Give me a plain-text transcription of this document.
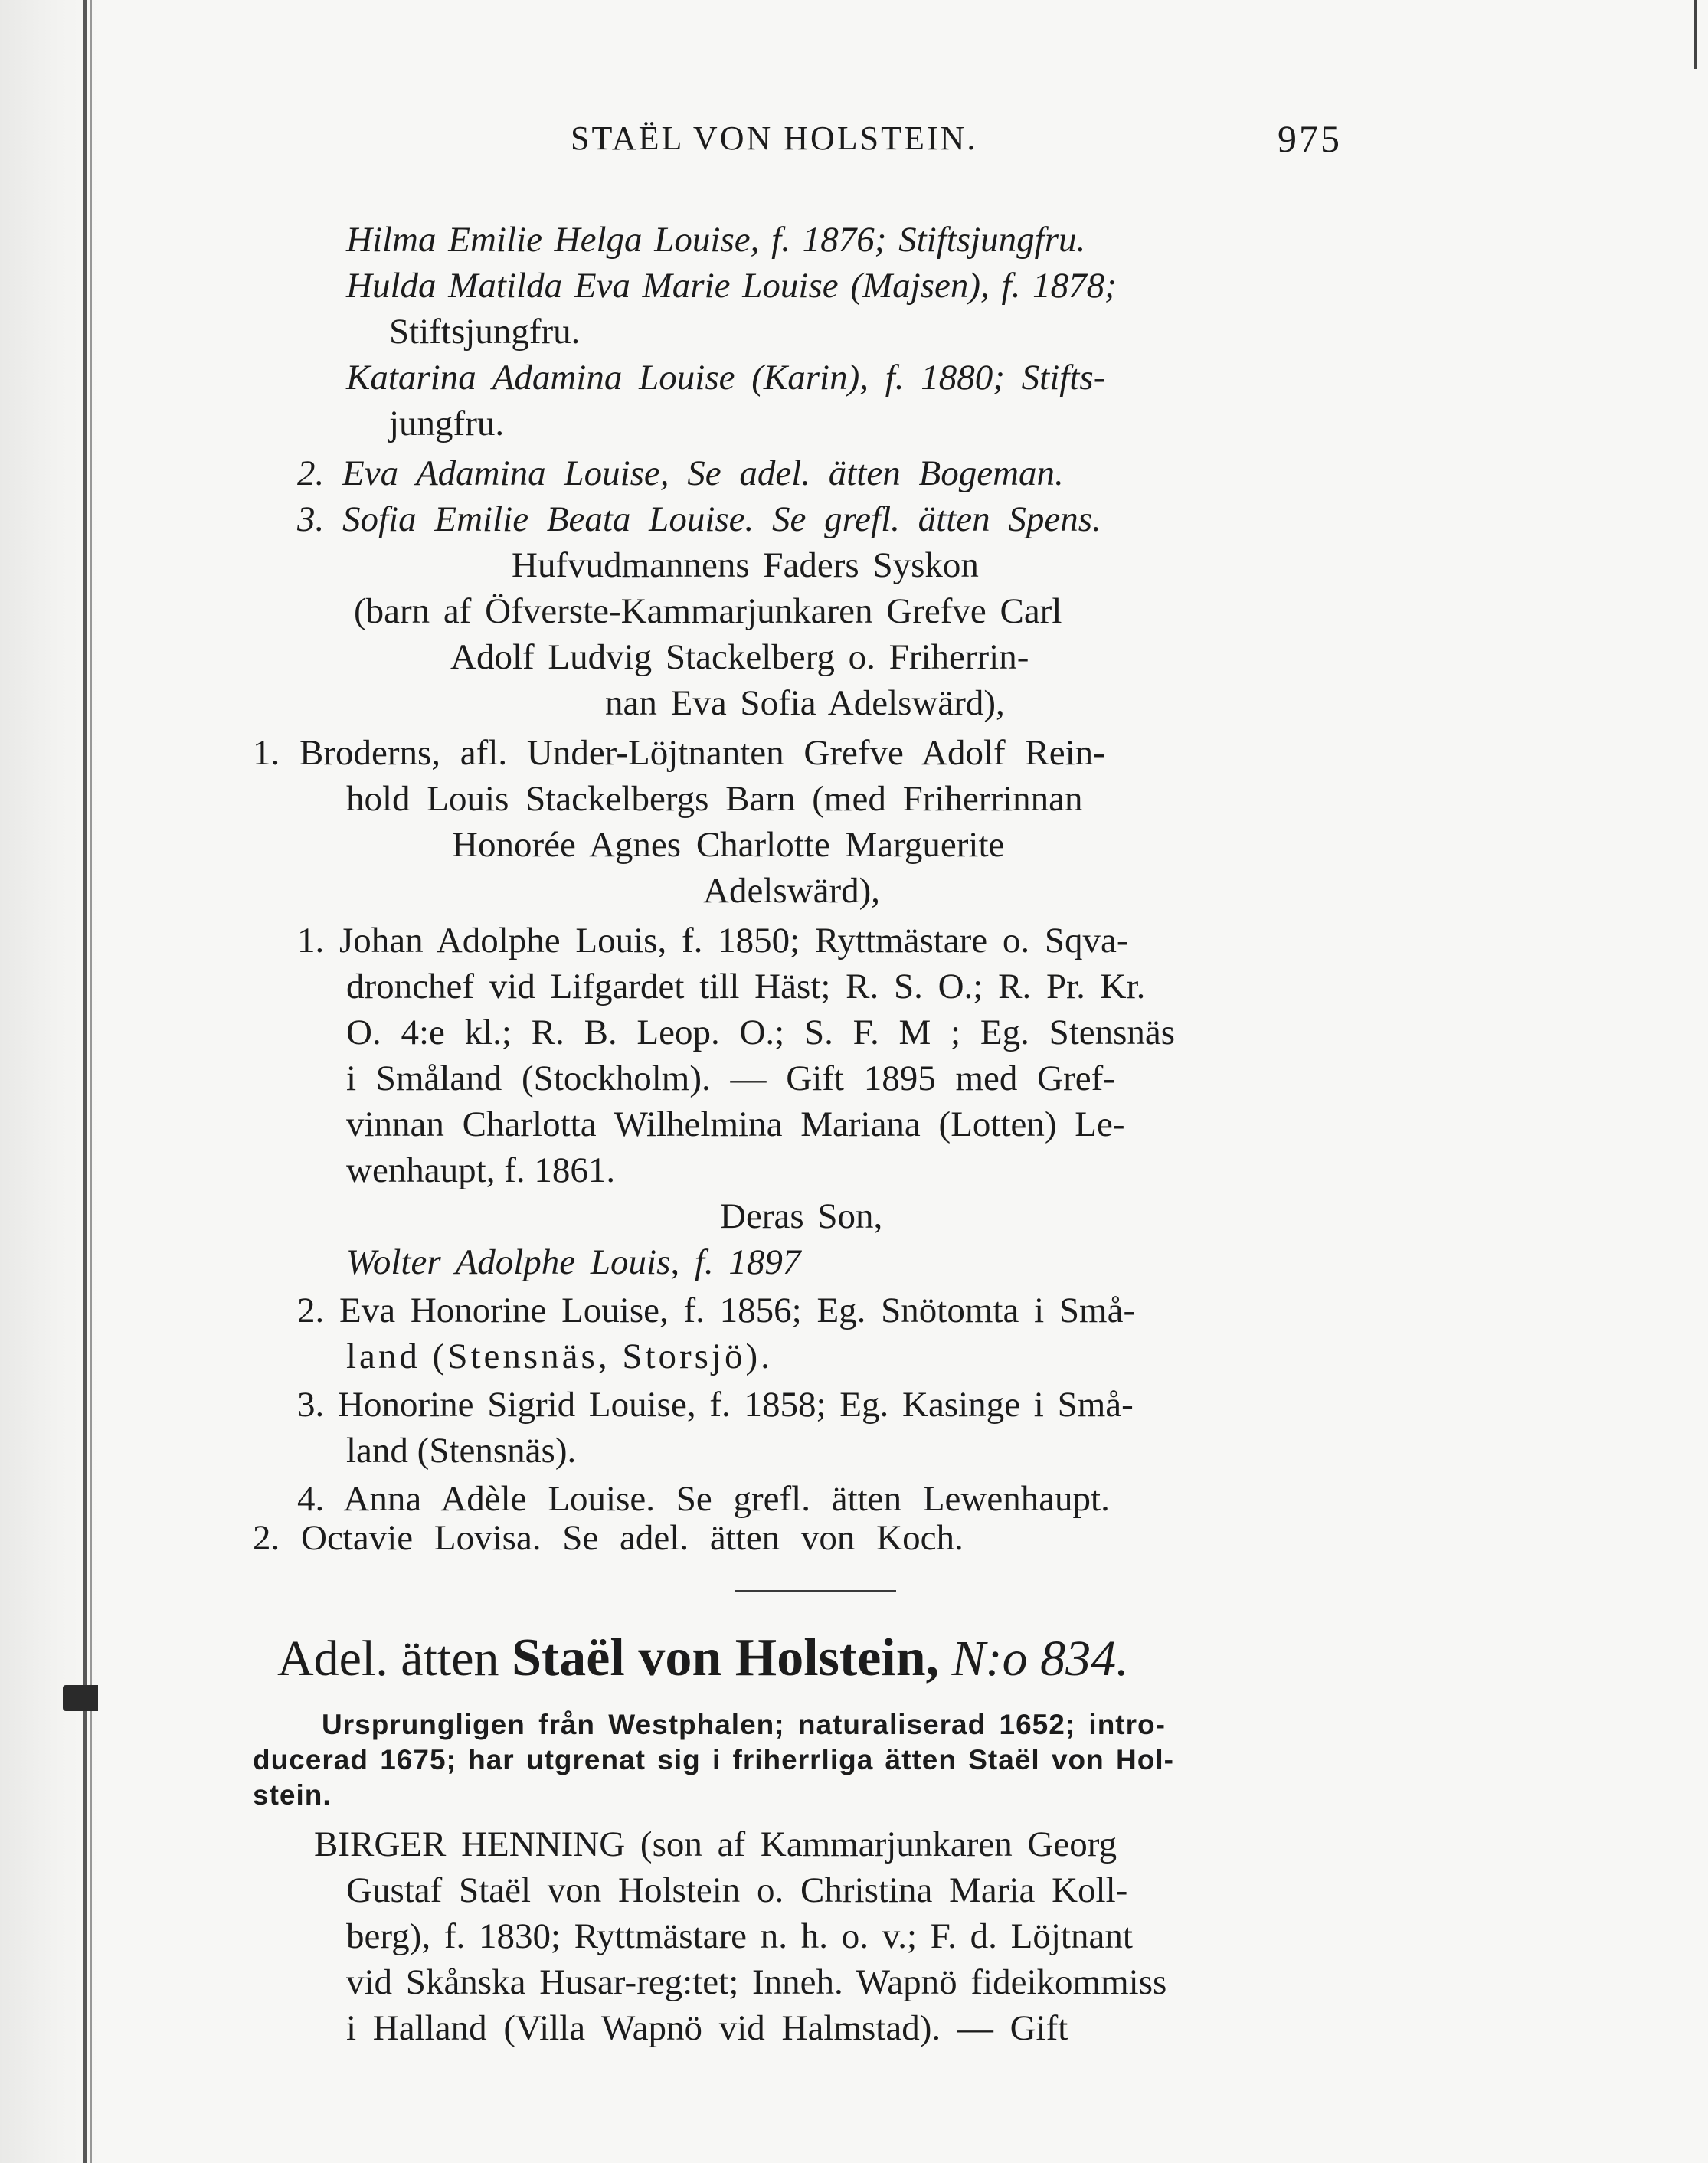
STAËL VON HOLSTEIN.	975
Hilma Emilie Helga Louise, f. 1876; Stiftsjungfru.
Hulda Matilda Eva Marie Louise (Majsen), f. 1878;
Stiftsjungfru.
Katarina Adamina Louise (Karin), f. 1880; Stifts-
jungfru.
2. Eva Adamina Louise, Se adel. ätten Bogeman.
3. Sofia Emilie Beata Louise. Se grefl. ätten Spens.
Hufvudmannens Faders Syskon
(barn af Öfverste-Kammarjunkaren Grefve Carl
Adolf Ludvig Stackelberg o. Friherrin-
nan Eva Sofia Adelswärd),
1. Broderns, afl. Under-Löjtnanten Grefve Adolf Rein-
hold Louis Stackelbergs Barn (med Friherrinnan
Honorée Agnes Charlotte Marguerite
Adelswärd),
1. Johan Adolphe Louis, f. 1850; Ryttmästare o. Sqva-
dronchef vid Lifgardet till Häst; R. S. O.; R. Pr. Kr.
O. 4:e kl.; R. B. Leop. O.; S. F. M ; Eg. Stensnäs
i Småland (Stockholm). — Gift 1895 med Gref-
vinnan Charlotta Wilhelmina Mariana (Lotten) Le-
wenhaupt, f. 1861.
Deras Son,
Wolter Adolphe Louis, f. 1897
2. Eva Honorine Louise, f. 1856; Eg. Snötomta i Små-
land (Stensnäs, Storsjö).
3. Honorine Sigrid Louise, f. 1858; Eg. Kasinge i Små-
land (Stensnäs).
4. Anna Adèle Louise. Se grefl. ätten Lewenhaupt.
2. Octavie Lovisa. Se adel. ätten von Koch.
Adel. ätten Staël von Holstein, N:o 834.
Ursprungligen från Westphalen; naturaliserad 1652; intro-
ducerad 1675; har utgrenat sig i friherrliga ätten Staël von Hol-
stein.
BIRGER HENNING (son af Kammarjunkaren Georg
Gustaf Staël von Holstein o. Christina Maria Koll-
berg), f. 1830; Ryttmästare n. h. o. v.; F. d. Löjtnant
vid Skånska Husar-reg:tet; Inneh. Wapnö fideikommiss
i Halland (Villa Wapnö vid Halmstad). — Gift
